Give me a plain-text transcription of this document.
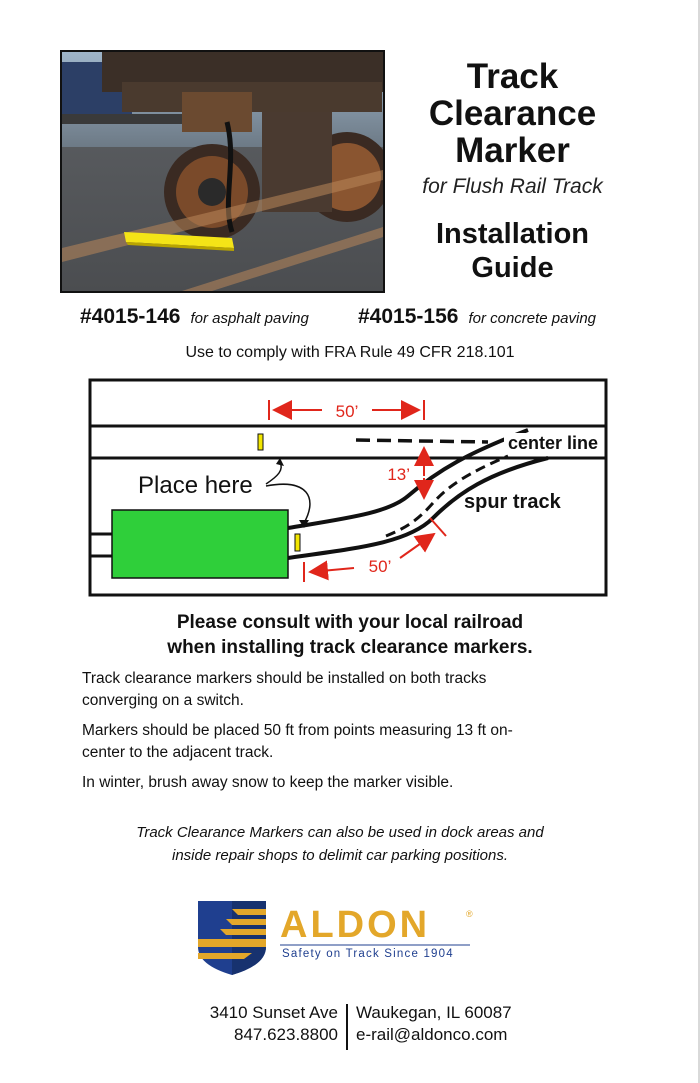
Track
Clearance
Marker
for Flush Rail Track
Installation
Guide
#4015-146 for asphalt paving #4015-156 for concrete paving
Use to comply with FRA Rule 49 CFR 218.101
50’
13’
center line
spur track
Place here
50’
Please consult with your local railroad
when installing track clearance markers.

Track clearance markers should be installed on both tracks converging on a switch.

Markers should be placed 50 ft from points measuring 13 ft on-center to the adjacent track.

In winter, brush away snow to keep the marker visible.

Track Clearance Markers can also be used in dock areas and
inside repair shops to delimit car parking positions.
ALDON	®
Safety on Track Since 1904
3410 Sunset Ave
847.623.8800
Waukegan, IL 60087
e-rail@aldonco.com
